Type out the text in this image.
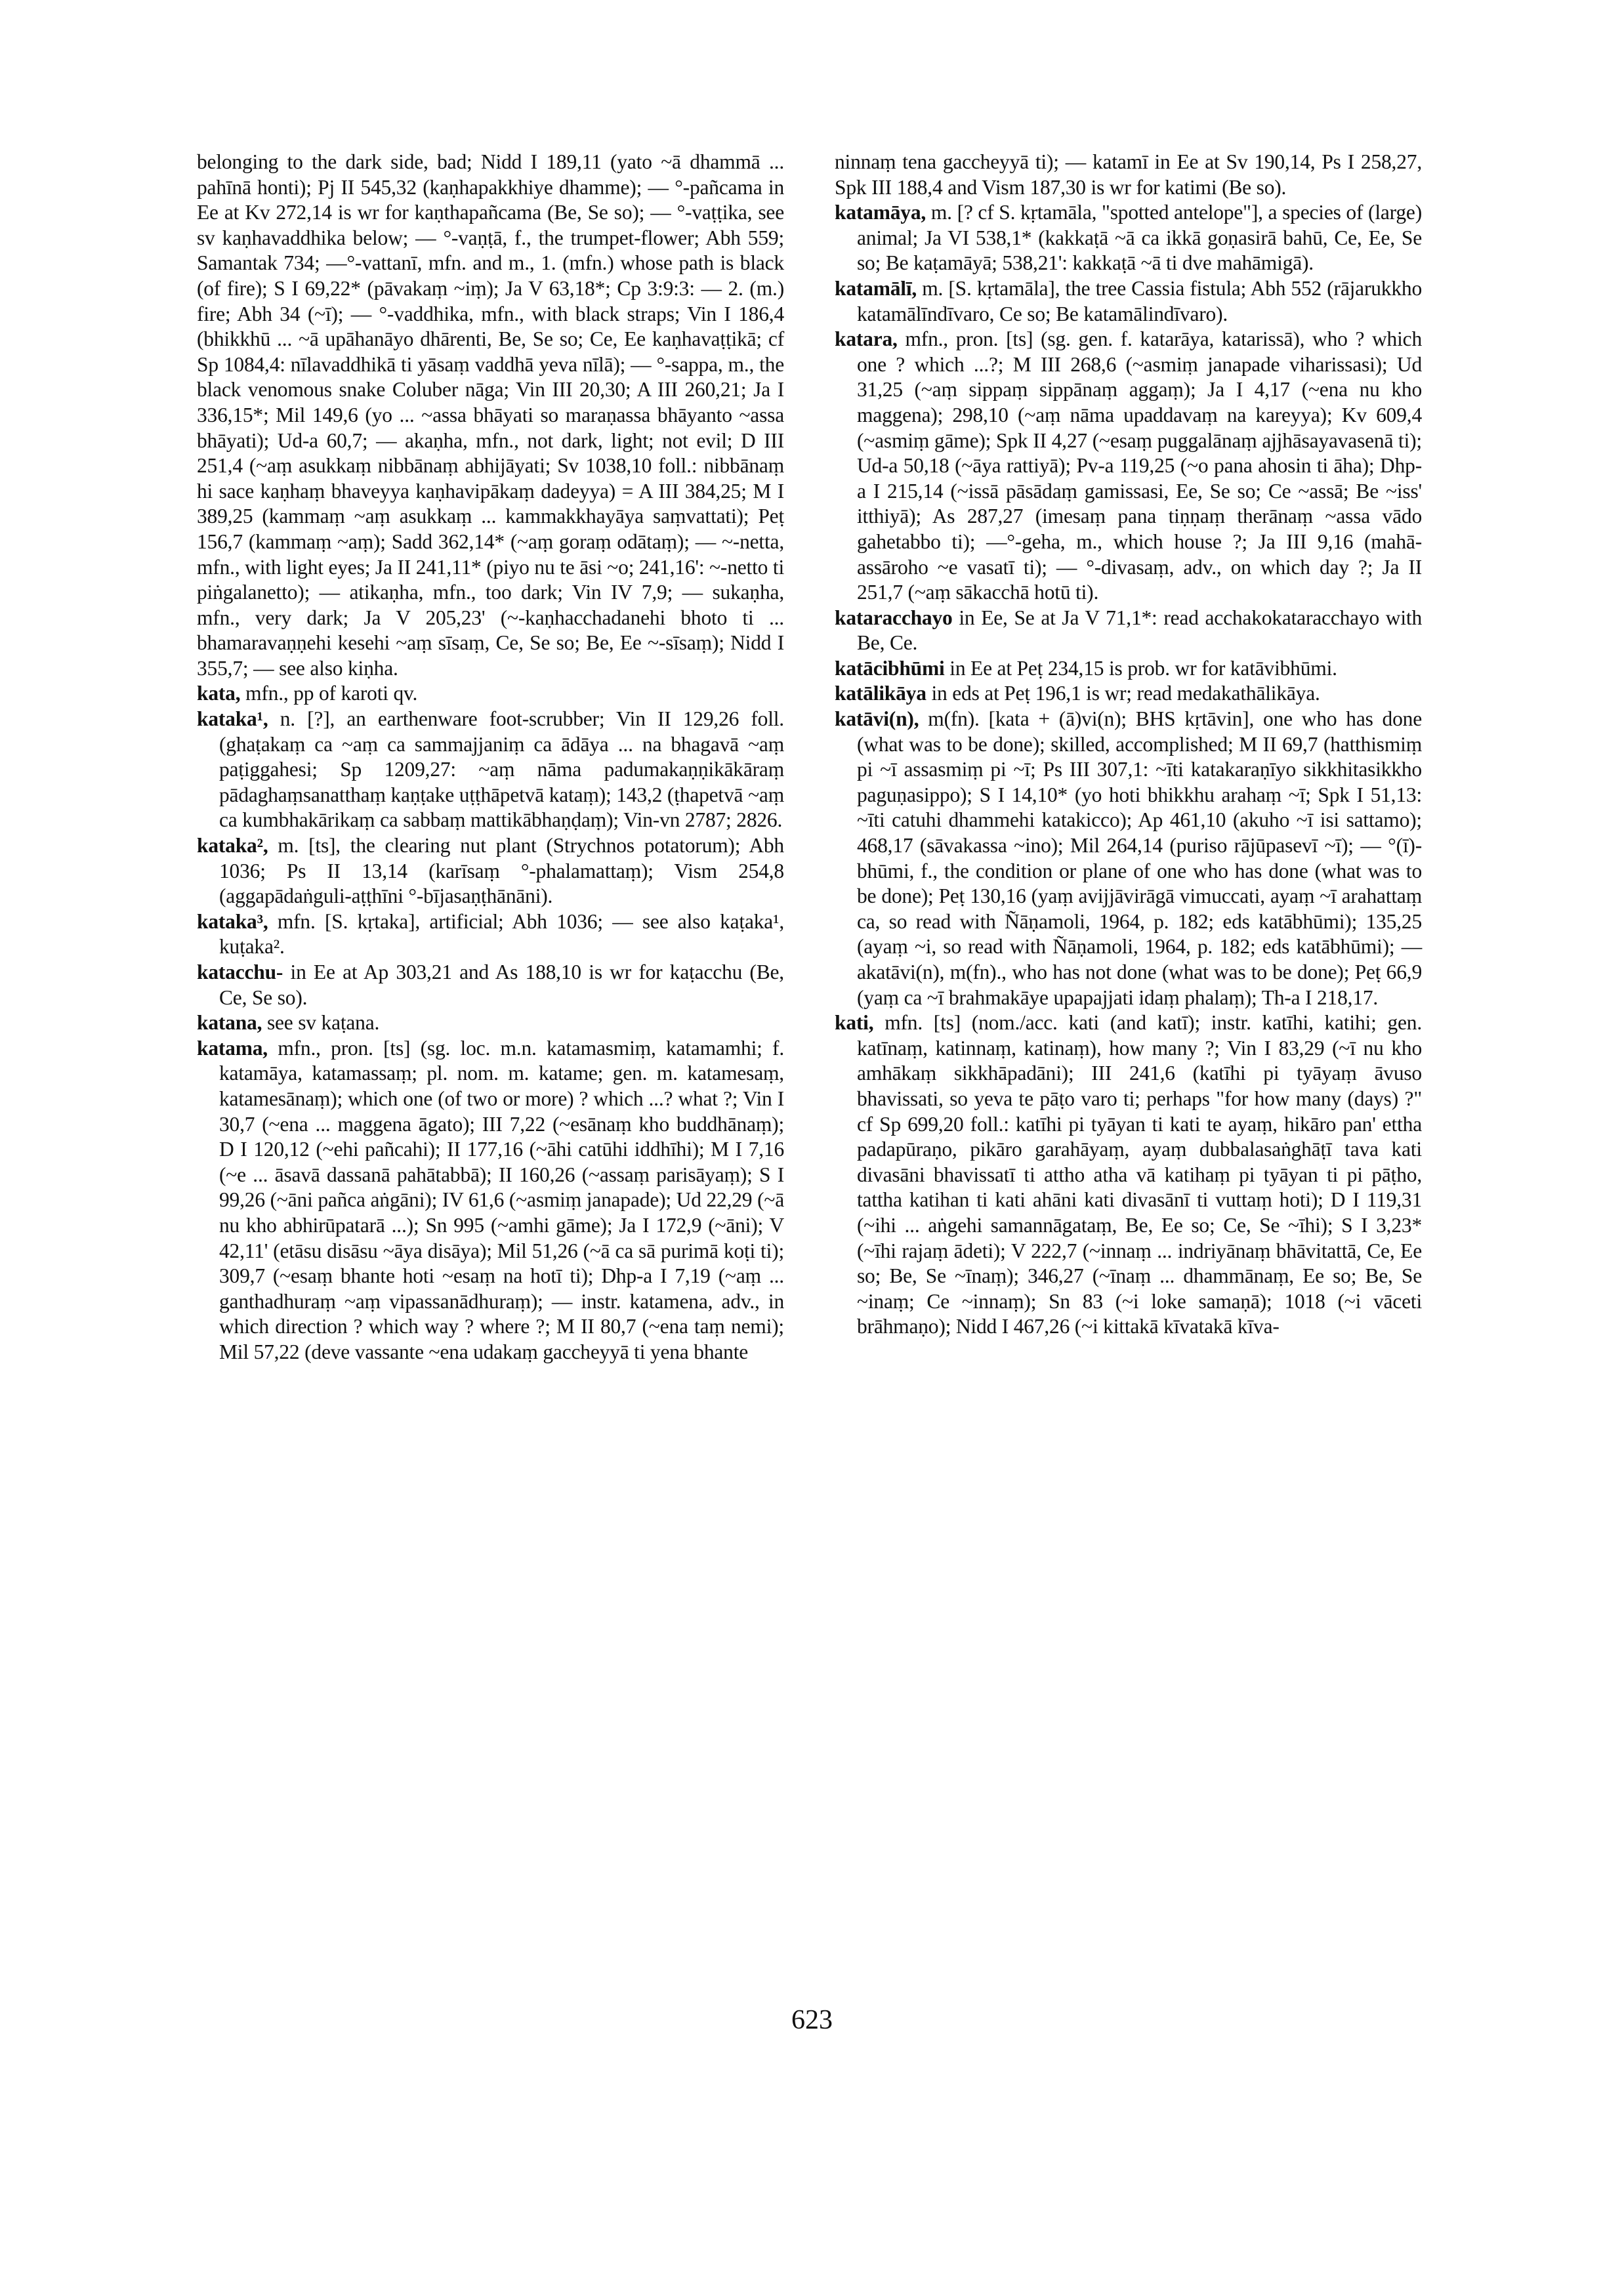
belonging to the dark side, bad; Nidd I 189,11 (yato ~ā dhammā ... pahīnā honti); Pj II 545,32 (kaṇhapakkhiye dhamme); — °-pañcama in Ee at Kv 272,14 is wr for kaṇthapañcama (Be, Se so); — °-vaṭṭika, see sv kaṇhavaddhika below; — °-vaṇṭā, f., the trumpet-flower; Abh 559; Samantak 734; —°-vattanī, mfn. and m., 1. (mfn.) whose path is black (of fire); S I 69,22* (pāvakaṃ ~iṃ); Ja V 63,18*; Cp 3:9:3: — 2. (m.) fire; Abh 34 (~ī); — °-vaddhika, mfn., with black straps; Vin I 186,4 (bhikkhū ... ~ā upāhanāyo dhārenti, Be, Se so; Ce, Ee kaṇhavaṭṭikā; cf Sp 1084,4: nīlavaddhikā ti yāsaṃ vaddhā yeva nīlā); — °-sappa, m., the black venomous snake Coluber nāga; Vin III 20,30; A III 260,21; Ja I 336,15*; Mil 149,6 (yo ... ~assa bhāyati so maraṇassa bhāyanto ~assa bhāyati); Ud-a 60,7; — akaṇha, mfn., not dark, light; not evil; D III 251,4 (~aṃ asukkaṃ nibbānaṃ abhijāyati; Sv 1038,10 foll.: nibbānaṃ hi sace kaṇhaṃ bhaveyya kaṇhavipākaṃ dadeyya) = A III 384,25; M I 389,25 (kammaṃ ~aṃ asukkaṃ ... kammakkhayāya saṃvattati); Peṭ 156,7 (kammaṃ ~aṃ); Sadd 362,14* (~aṃ goraṃ odātaṃ); — ~-netta, mfn., with light eyes; Ja II 241,11* (piyo nu te āsi ~o; 241,16': ~-netto ti piṅgalanetto); — atikaṇha, mfn., too dark; Vin IV 7,9; — sukaṇha, mfn., very dark; Ja V 205,23' (~-kaṇhacchadanehi bhoto ti ... bhamaravaṇṇehi kesehi ~aṃ sīsaṃ, Ce, Se so; Be, Ee ~-sīsaṃ); Nidd I 355,7; — see also kiṇha.

kata, mfn., pp of karoti qv.

kataka¹, n. [?], an earthenware foot-scrubber; Vin II 129,26 foll. (ghaṭakaṃ ca ~aṃ ca sammajjaniṃ ca ādāya ... na bhagavā ~aṃ paṭiggahesi; Sp 1209,27: ~aṃ nāma padumakaṇṇikākāraṃ pādaghaṃsanatthaṃ kaṇṭake uṭṭhāpetvā kataṃ); 143,2 (ṭhapetvā ~aṃ ca kumbhakārikaṃ ca sabbaṃ mattikābhaṇḍaṃ); Vin-vn 2787; 2826.

kataka², m. [ts], the clearing nut plant (Strychnos potatorum); Abh 1036; Ps II 13,14 (karīsaṃ °-phalamattaṃ); Vism 254,8 (aggapādaṅguli-aṭṭhīni °-bījasaṇṭhānāni).

kataka³, mfn. [S. kṛtaka], artificial; Abh 1036; — see also kaṭaka¹, kuṭaka².

katacchu- in Ee at Ap 303,21 and As 188,10 is wr for kaṭacchu (Be, Ce, Se so).

katana, see sv kaṭana.

katama, mfn., pron. [ts] (sg. loc. m.n. katamasmiṃ, katamamhi; f. katamāya, katamassaṃ; pl. nom. m. katame; gen. m. katamesaṃ, katamesānaṃ); which one (of two or more) ? which ...? what ?; Vin I 30,7 (~ena ... maggena āgato); III 7,22 (~esānaṃ kho buddhānaṃ); D I 120,12 (~ehi pañcahi); II 177,16 (~āhi catūhi iddhīhi); M I 7,16 (~e ... āsavā dassanā pahātabbā); II 160,26 (~assaṃ parisāyaṃ); S I 99,26 (~āni pañca aṅgāni); IV 61,6 (~asmiṃ janapade); Ud 22,29 (~ā nu kho abhirūpatarā ...); Sn 995 (~amhi gāme); Ja I 172,9 (~āni); V 42,11' (etāsu disāsu ~āya disāya); Mil 51,26 (~ā ca sā purimā koṭi ti); 309,7 (~esaṃ bhante hoti ~esaṃ na hotī ti); Dhp-a I 7,19 (~aṃ ... ganthadhuraṃ ~aṃ vipassanādhuraṃ); — instr. katamena, adv., in which direction ? which way ? where ?; M II 80,7 (~ena taṃ nemi); Mil 57,22 (deve vassante ~ena udakaṃ gaccheyyā ti yena bhante

ninnaṃ tena gaccheyyā ti); — katamī in Ee at Sv 190,14, Ps I 258,27, Spk III 188,4 and Vism 187,30 is wr for katimi (Be so).

katamāya, m. [? cf S. kṛtamāla, "spotted antelope"], a species of (large) animal; Ja VI 538,1* (kakkaṭā ~ā ca ikkā goṇasirā bahū, Ce, Ee, Se so; Be kaṭamāyā; 538,21': kakkaṭā ~ā ti dve mahāmigā).

katamālī, m. [S. kṛtamāla], the tree Cassia fistula; Abh 552 (rājarukkho katamālīndīvaro, Ce so; Be katamālindīvaro).

katara, mfn., pron. [ts] (sg. gen. f. katarāya, katarissā), who ? which one ? which ...?; M III 268,6 (~asmiṃ janapade viharissasi); Ud 31,25 (~aṃ sippaṃ sippānaṃ aggaṃ); Ja I 4,17 (~ena nu kho maggena); 298,10 (~aṃ nāma upaddavaṃ na kareyya); Kv 609,4 (~asmiṃ gāme); Spk II 4,27 (~esaṃ puggalānaṃ ajjhāsayavasenā ti); Ud-a 50,18 (~āya rattiyā); Pv-a 119,25 (~o pana ahosin ti āha); Dhp-a I 215,14 (~issā pāsādaṃ gamissasi, Ee, Se so; Ce ~assā; Be ~iss' itthiyā); As 287,27 (imesaṃ pana tiṇṇaṃ therānaṃ ~assa vādo gahetabbo ti); —°-geha, m., which house ?; Ja III 9,16 (mahā-assāroho ~e vasatī ti); — °-divasaṃ, adv., on which day ?; Ja II 251,7 (~aṃ sākacchā hotū ti).

kataracchayo in Ee, Se at Ja V 71,1*: read acchakokataracchayo with Be, Ce.

katācibhūmi in Ee at Peṭ 234,15 is prob. wr for katāvibhūmi.

katālikāya in eds at Peṭ 196,1 is wr; read medakathālikāya.

katāvi(n), m(fn). [kata + (ā)vi(n); BHS kṛtāvin], one who has done (what was to be done); skilled, accomplished; M II 69,7 (hatthismiṃ pi ~ī assasmiṃ pi ~ī; Ps III 307,1: ~īti katakaraṇīyo sikkhitasikkho paguṇasippo); S I 14,10* (yo hoti bhikkhu arahaṃ ~ī; Spk I 51,13: ~īti catuhi dhammehi katakicco); Ap 461,10 (akuho ~ī isi sattamo); 468,17 (sāvakassa ~ino); Mil 264,14 (puriso rājūpasevī ~ī); — °(ī)-bhūmi, f., the condition or plane of one who has done (what was to be done); Peṭ 130,16 (yaṃ avijjāvirāgā vimuccati, ayaṃ ~ī arahattaṃ ca, so read with Ñāṇamoli, 1964, p. 182; eds katābhūmi); 135,25 (ayaṃ ~i, so read with Ñāṇamoli, 1964, p. 182; eds katābhūmi); — akatāvi(n), m(fn)., who has not done (what was to be done); Peṭ 66,9 (yaṃ ca ~ī brahmakāye upapajjati idaṃ phalaṃ); Th-a I 218,17.

kati, mfn. [ts] (nom./acc. kati (and katī); instr. katīhi, katihi; gen. katīnaṃ, katinnaṃ, katinaṃ), how many ?; Vin I 83,29 (~ī nu kho amhākaṃ sikkhāpadāni); III 241,6 (katīhi pi tyāyaṃ āvuso bhavissati, so yeva te pāṭo varo ti; perhaps "for how many (days) ?" cf Sp 699,20 foll.: katīhi pi tyāyan ti kati te ayaṃ, hikāro pan' ettha padapūraṇo, pikāro garahāyaṃ, ayaṃ dubbalasaṅghāṭī tava kati divasāni bhavissatī ti attho atha vā katihaṃ pi tyāyan ti pi pāṭho, tattha katihan ti kati ahāni kati divasānī ti vuttaṃ hoti); D I 119,31 (~ihi ... aṅgehi samannāgataṃ, Be, Ee so; Ce, Se ~īhi); S I 3,23* (~īhi rajaṃ ādeti); V 222,7 (~innaṃ ... indriyānaṃ bhāvitattā, Ce, Ee so; Be, Se ~īnaṃ); 346,27 (~īnaṃ ... dhammānaṃ, Ee so; Be, Se ~inaṃ; Ce ~innaṃ); Sn 83 (~i loke samaṇā); 1018 (~i vāceti brāhmaṇo); Nidd I 467,26 (~i kittakā kīvatakā kīva-

623
